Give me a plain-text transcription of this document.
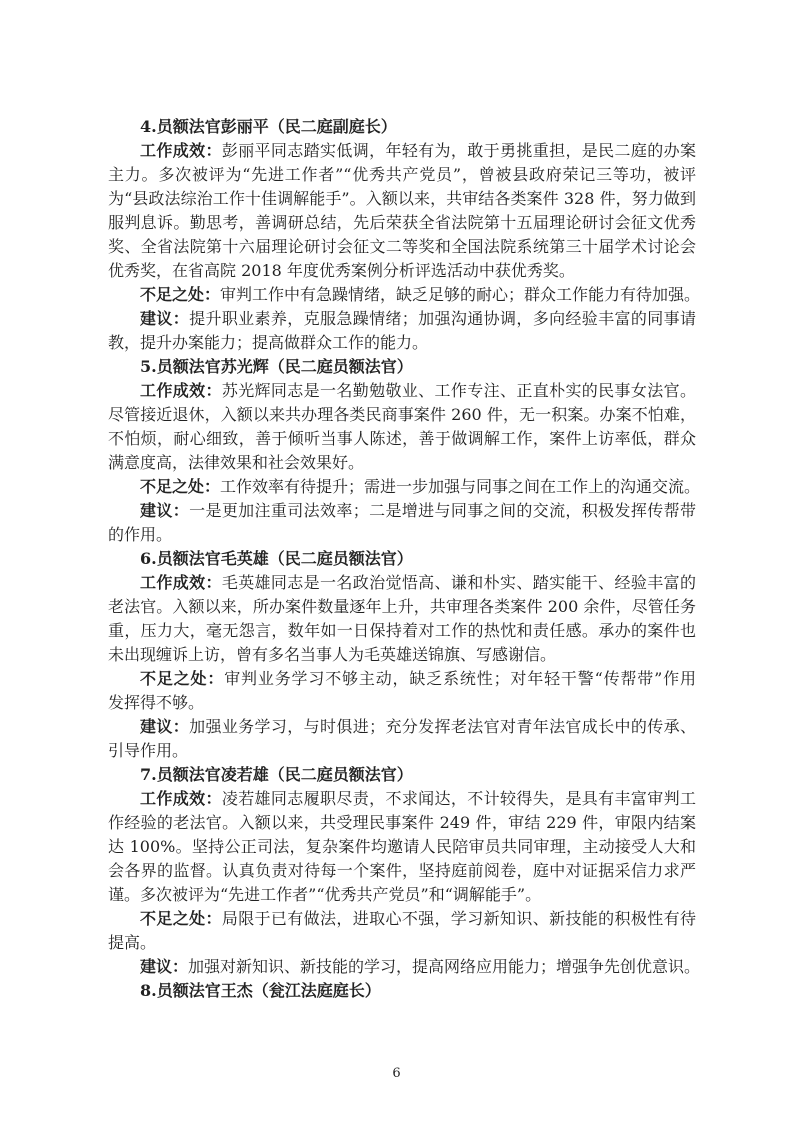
4.员额法官彭丽平（民二庭副庭长）
工作成效：彭丽平同志踏实低调，年轻有为，敢于勇挑重担，是民二庭的办案
主力。多次被评为“先进工作者”“优秀共产党员”，曾被县政府荣记三等功，被评
为“县政法综治工作十佳调解能手”。入额以来，共审结各类案件 328 件，努力做到
服判息诉。勤思考，善调研总结，先后荣获全省法院第十五届理论研讨会征文优秀
奖、全省法院第十六届理论研讨会征文二等奖和全国法院系统第三十届学术讨论会
优秀奖，在省高院 2018 年度优秀案例分析评选活动中获优秀奖。
不足之处：审判工作中有急躁情绪，缺乏足够的耐心；群众工作能力有待加强。
建议：提升职业素养，克服急躁情绪；加强沟通协调，多向经验丰富的同事请
教，提升办案能力；提高做群众工作的能力。
5.员额法官苏光辉（民二庭员额法官）
工作成效：苏光辉同志是一名勤勉敬业、工作专注、正直朴实的民事女法官。
尽管接近退休，入额以来共办理各类民商事案件 260 件，无一积案。办案不怕难，
不怕烦，耐心细致，善于倾听当事人陈述，善于做调解工作，案件上访率低，群众
满意度高，法律效果和社会效果好。
不足之处：工作效率有待提升；需进一步加强与同事之间在工作上的沟通交流。
建议：一是更加注重司法效率；二是增进与同事之间的交流，积极发挥传帮带
的作用。
6.员额法官毛英雄（民二庭员额法官）
工作成效：毛英雄同志是一名政治觉悟高、谦和朴实、踏实能干、经验丰富的
老法官。入额以来，所办案件数量逐年上升，共审理各类案件 200 余件，尽管任务
重，压力大，毫无怨言，数年如一日保持着对工作的热忱和责任感。承办的案件也
未出现缠诉上访，曾有多名当事人为毛英雄送锦旗、写感谢信。
不足之处：审判业务学习不够主动，缺乏系统性；对年轻干警“传帮带”作用
发挥得不够。
建议：加强业务学习，与时俱进；充分发挥老法官对青年法官成长中的传承、
引导作用。
7.员额法官凌若雄（民二庭员额法官）
工作成效：凌若雄同志履职尽责，不求闻达，不计较得失，是具有丰富审判工
作经验的老法官。入额以来，共受理民事案件 249 件，审结 229 件，审限内结案
达 100%。坚持公正司法，复杂案件均邀请人民陪审员共同审理，主动接受人大和
会各界的监督。认真负责对待每一个案件，坚持庭前阅卷，庭中对证据采信力求严
谨。多次被评为“先进工作者”“优秀共产党员”和“调解能手”。
不足之处：局限于已有做法，进取心不强，学习新知识、新技能的积极性有待
提高。
建议：加强对新知识、新技能的学习，提高网络应用能力；增强争先创优意识。
8.员额法官王杰（瓮江法庭庭长）
6
